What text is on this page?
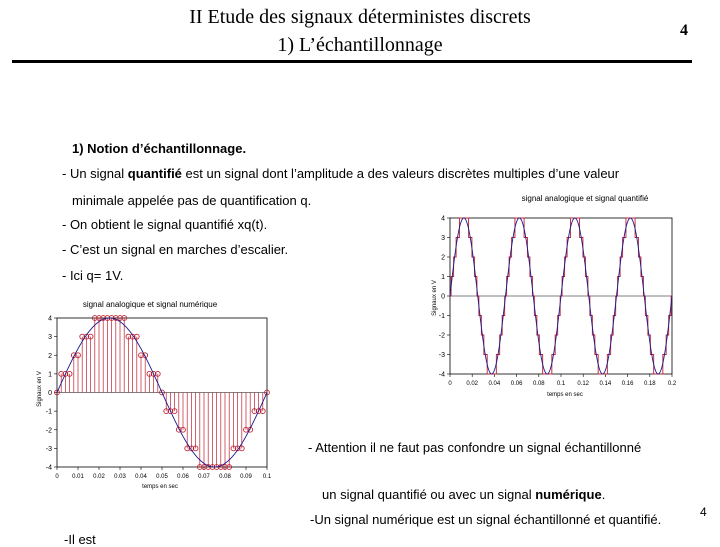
II Etude des signaux déterministes discrets
1) L’échantillonnage
4
1) Notion d’échantillonnage.
- Un signal quantifié est un signal dont l’amplitude a des valeurs discrètes multiples d’une valeur
minimale appelée pas de quantification q.
- On obtient le signal quantifié xq(t).
- C’est un signal en marches d’escalier.
- Ici q= 1V.
- Attention il ne faut pas confondre un signal échantillonné
un signal quantifié ou avec un signal numérique.
-Un signal numérique est un signal échantillonné et quantifié.
-Il est
4
signal analogique et signal quantifié
Signaux en V
temps en sec
4
3
2
1
0
-1
-2
-3
-4
0 0.02 0.04 0.06 0.08 0.1 0.12 0.14 0.16 0.18 0.2
signal analogique et signal numérique
Signaux en V
temps en sec
4
3
2
1
0
-1
-2
-3
-4
0 0.01 0.02 0.03 0.04 0.05 0.06 0.07 0.08 0.09 0.1
